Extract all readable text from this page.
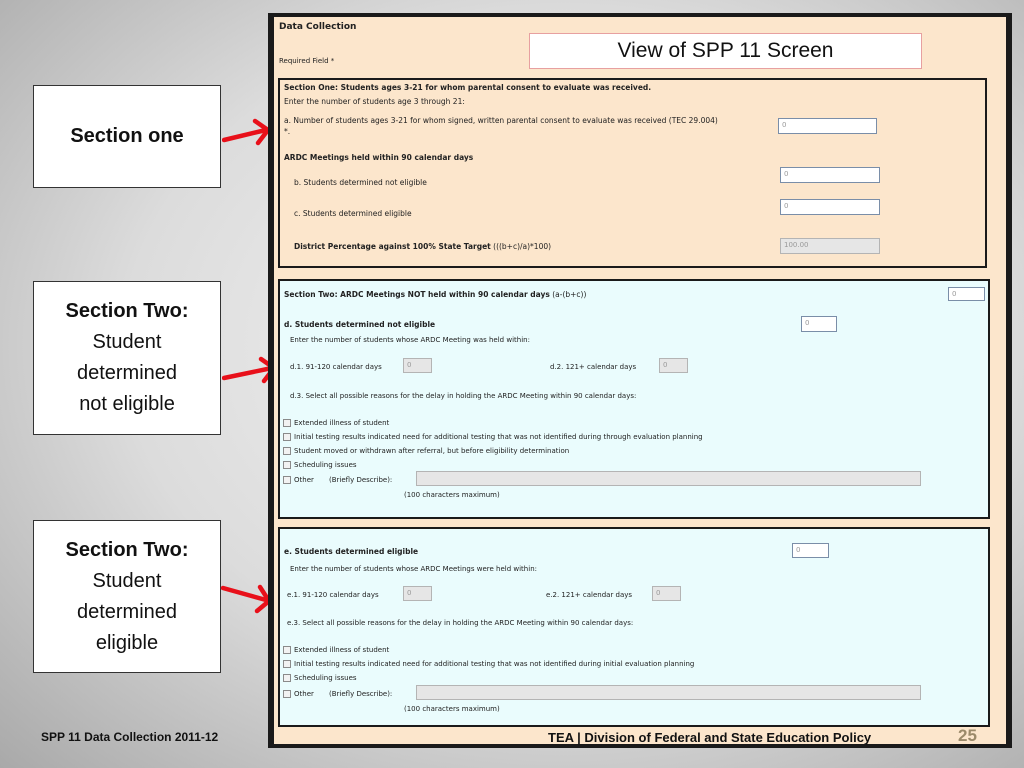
Section one
Section Two:
Student
determined
not eligible
Section Two:
Student
determined
eligible
Data Collection
Required Field *
Section One: Students ages 3-21 for whom parental consent to evaluate was received.
Enter the number of students age 3 through 21:
a. Number of students ages 3-21 for whom signed, written parental consent to evaluate was received (TEC 29.004)
*.
0
ARDC Meetings held within 90 calendar days
b. Students determined not eligible
0
c. Students determined eligible
0
District Percentage against 100% State Target (((b+c)/a)*100)	100.00
Section Two: ARDC Meetings NOT held within 90 calendar days (a-(b+c))	0
d. Students determined not eligible	0
Enter the number of students whose ARDC Meeting was held within:
d.1. 91-120 calendar days	0	d.2. 121+ calendar days	0
d.3. Select all possible reasons for the delay in holding the ARDC Meeting within 90 calendar days:
Extended illness of student
Initial testing results indicated need for additional testing that was not identified during through evaluation planning
Student moved or withdrawn after referral, but before eligibility determination
Scheduling issues
Other (Briefly Describe):
(100 characters maximum)
e. Students determined eligible	0
Enter the number of students whose ARDC Meetings were held within:
e.1. 91-120 calendar days	0	e.2. 121+ calendar days	0
e.3. Select all possible reasons for the delay in holding the ARDC Meeting within 90 calendar days:
Extended illness of student
Initial testing results indicated need for additional testing that was not identified during initial evaluation planning
Scheduling issues
Other (Briefly Describe):
(100 characters maximum)
View of SPP 11 Screen
SPP 11 Data Collection 2011-12	TEA | Division of Federal and State Education Policy	25
